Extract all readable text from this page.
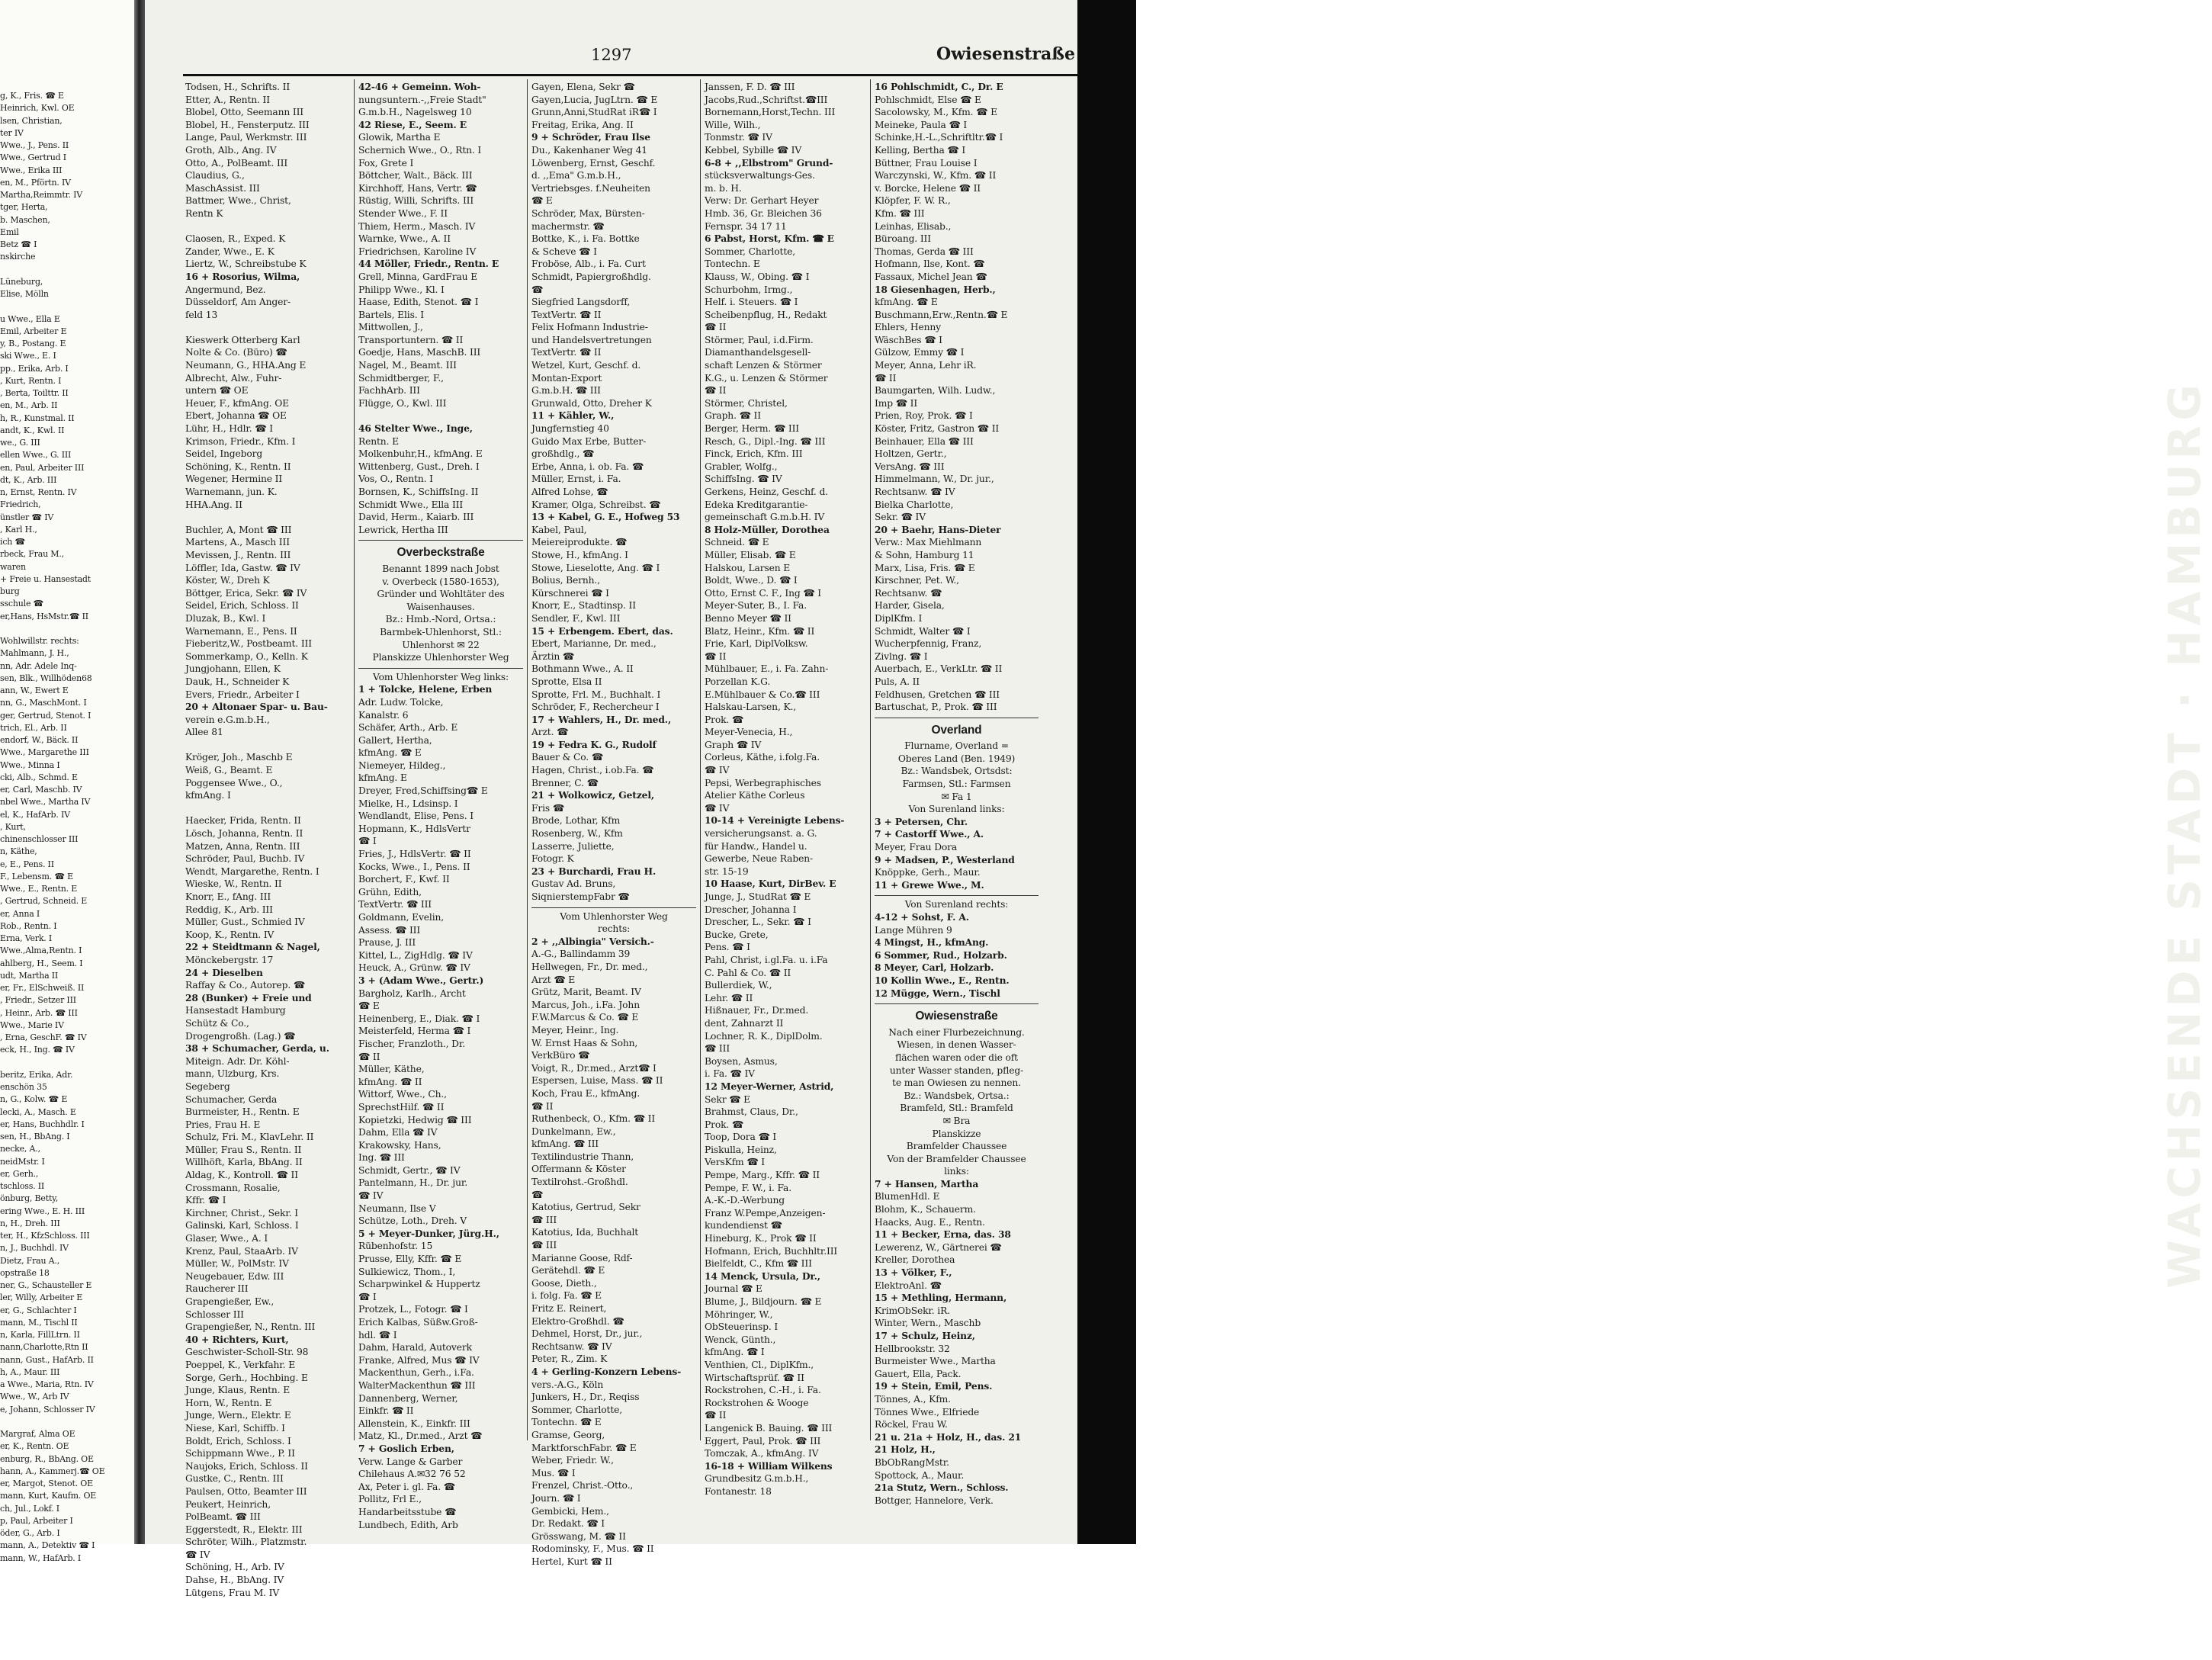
g, K., Fris. ☎ E
Heinrich, Kwl. OE
lsen, Christian,
ter IV
Wwe., J., Pens. II
Wwe., Gertrud I
Wwe., Erika III
en, M., Pförtn. IV
Martha,Reimmtr. IV
tger, Herta,
b. Maschen,
Emil
Betz ☎ I
nskirche

Lüneburg,
Elise, Mölln

u Wwe., Ella E
Emil, Arbeiter E
y, B., Postang. E
ski Wwe., E. I
pp., Erika, Arb. I
, Kurt, Rentn. I
, Berta, Toilttr. II
en, M., Arb. II
h, R., Kunstmal. II
andt, K., Kwl. II
we., G. III
ellen Wwe., G. III
en, Paul, Arbeiter III
dt, K., Arb. III
n, Ernst, Rentn. IV
Friedrich,
ünstler ☎ IV
, Karl H.,
ich ☎
rbeck, Frau M.,
waren
+ Freie u. Hansestadt
burg
sschule ☎
er,Hans, HsMstr.☎ II

Wohlwillstr. rechts:
Mahlmann, J. H.,
nn, Adr. Adele Inq-
sen, Blk., Willhöden68
ann, W., Ewert E
nn, G., MaschMont. I
ger, Gertrud, Stenot. I
trich, El., Arb. II
endorf, W., Bäck. II
Wwe., Margarethe III
Wwe., Minna I
cki, Alb., Schmd. E
er, Carl, Maschb. IV
nbel Wwe., Martha IV
el, K., HafArb. IV
, Kurt,
chinenschlosser III
n, Käthe,
e, E., Pens. II
F., Lebensm. ☎ E
Wwe., E., Rentn. E
, Gertrud, Schneid. E
er, Anna I
Rob., Rentn. I
Erna, Verk. I
Wwe.,Alma,Rentn. I
ahlberg, H., Seem. I
udt, Martha II
er, Fr., ElSchweiß. II
, Friedr., Setzer III
, Heinr., Arb. ☎ III
Wwe., Marie IV
, Erna, GeschF. ☎ IV
eck, H., Ing. ☎ IV

beritz, Erika, Adr.
enschön 35
n, G., Kolw. ☎ E
lecki, A., Masch. E
er, Hans, Buchhdlr. I
sen, H., BbAng. I
necke, A.,
neidMstr. I
er, Gerh.,
tschloss. II
önburg, Betty,
ering Wwe., E. H. III
n, H., Dreh. III
ter, H., KfzSchloss. III
n, J., Buchhdl. IV
Dietz, Frau A.,
opstraße 18
ner, G., Schausteller E
ler, Willy, Arbeiter E
er, G., Schlachter I
mann, M., Tischl II
n, Karla, FillLtrn. II
nann,Charlotte,Rtn II
nann, Gust., HafArb. II
h, A., Maur. III
a Wwe., Maria, Rtn. IV
Wwe., W., Arb IV
e, Johann, Schlosser IV

Margraf, Alma OE
er, K., Rentn. OE
enburg, R., BbAng. OE
hann, A., Kammerj.☎ OE
er, Margot, Stenot. OE
mann, Kurt, Kaufm. OE
ch, Jul., Lokf. I
p, Paul, Arbeiter I
öder, G., Arb. I
mann, A., Detektiv ☎ I
mann, W., HafArb. I
1297	Owiesenstraße
Todsen, H., Schrifts. II
Etter, A., Rentn. II
Blobel, Otto, Seemann III
Blobel, H., Fensterputz. III
Lange, Paul, Werkmstr. III
Groth, Alb., Ang. IV
Otto, A., PolBeamt. III
Claudius, G.,
MaschAssist. III
Battmer, Wwe., Christ,
Rentn K

Claosen, R., Exped. K
Zander, Wwe., E. K
Liertz, W., Schreibstube K
16 + Rosorius, Wilma,
Angermund, Bez.
Düsseldorf, Am Anger-
feld 13

Kieswerk Otterberg Karl
Nolte & Co. (Büro) ☎
Neumann, G., HHA.Ang E
Albrecht, Alw., Fuhr-
untern ☎ OE
Heuer, F., kfmAng. OE
Ebert, Johanna ☎ OE
Lühr, H., Hdlr. ☎ I
Krimson, Friedr., Kfm. I
Seidel, Ingeborg
Schöning, K., Rentn. II
Wegener, Hermine II
Warnemann, jun. K.
HHA.Ang. II

Buchler, A, Mont ☎ III
Martens, A., Masch III
Mevissen, J., Rentn. III
Löffler, Ida, Gastw. ☎ IV
Köster, W., Dreh K
Böttger, Erica, Sekr. ☎ IV
Seidel, Erich, Schloss. II
Dluzak, B., Kwl. I
Warnemann, E., Pens. II
Fieberitz,W., Postbeamt. III
Sommerkamp, O., Kelln. K
Jungjohann, Ellen, K
Dauk, H., Schneider K
Evers, Friedr., Arbeiter I
20 + Altonaer Spar- u. Bau-
verein e.G.m.b.H.,
Allee 81

Kröger, Joh., Maschb E
Weiß, G., Beamt. E
Poggensee Wwe., O.,
kfmAng. I

Haecker, Frida, Rentn. II
Lösch, Johanna, Rentn. II
Matzen, Anna, Rentn. III
Schröder, Paul, Buchb. IV
Wendt, Margarethe, Rentn. I
Wieske, W., Rentn. II
Knorr, E., fAng. III
Reddig, K., Arb. III
Müller, Gust., Schmied IV
Koop, K., Rentn. IV
22 + Steidtmann & Nagel,
Mönckebergstr. 17
24 + Dieselben
Raffay & Co., Autorep. ☎
28 (Bunker) + Freie und
Hansestadt Hamburg
Schütz & Co.,
Drogengroßh. (Lag.) ☎
38 + Schumacher, Gerda, u.
Miteign. Adr. Dr. Köhl-
mann, Ulzburg, Krs.
Segeberg
Schumacher, Gerda
Burmeister, H., Rentn. E
Pries, Frau H. E
Schulz, Fri. M., KlavLehr. II
Müller, Frau S., Rentn. II
Willhöft, Karla, BbAng. II
Aldag, K., Kontroll. ☎ II
Crossmann, Rosalie,
Kffr. ☎ I
Kirchner, Christ., Sekr. I
Galinski, Karl, Schloss. I
Glaser, Wwe., A. I
Krenz, Paul, StaaArb. IV
Müller, W., PolMstr. IV
Neugebauer, Edw. III
Raucherer III
Grapengießer, Ew.,
Schlosser III
Grapengießer, N., Rentn. III
40 + Richters, Kurt,
Geschwister-Scholl-Str. 98
Poeppel, K., Verkfahr. E
Sorge, Gerh., Hochbing. E
Junge, Klaus, Rentn. E
Horn, W., Rentn. E
Junge, Wern., Elektr. E
Niese, Karl, Schiffb. I
Boldt, Erich, Schloss. I
Schippmann Wwe., P. II
Naujoks, Erich, Schloss. II
Gustke, C., Rentn. III
Paulsen, Otto, Beamter III
Peukert, Heinrich,
PolBeamt. ☎ III
Eggerstedt, R., Elektr. III
Schröter, Wilh., Platzmstr.
☎ IV
Schöning, H., Arb. IV
Dahse, H., BbAng. IV
Lütgens, Frau M. IV
42-46 + Gemeinn. Woh-
nungsuntern.-,,Freie Stadt"
G.m.b.H., Nagelsweg 10
42 Riese, E., Seem. E
Glowik, Martha E
Schernich Wwe., O., Rtn. I
Fox, Grete I
Böttcher, Walt., Bäck. III
Kirchhoff, Hans, Vertr. ☎
Rüstig, Willi, Schrifts. III
Stender Wwe., F. II
Thiem, Herm., Masch. IV
Warnke, Wwe., A. II
Friedrichsen, Karoline IV
44 Möller, Friedr., Rentn. E
Grell, Minna, GardFrau E
Philipp Wwe., Kl. I
Haase, Edith, Stenot. ☎ I
Bartels, Elis. I
Mittwollen, J.,
Transportuntern. ☎ II
Goedje, Hans, MaschB. III
Nagel, M., Beamt. III
Schmidtberger, F.,
FachhArb. III
Flügge, O., Kwl. III

46 Stelter Wwe., Inge,
Rentn. E
Molkenbuhr,H., kfmAng. E
Wittenberg, Gust., Dreh. I
Vos, O., Rentn. I
Bornsen, K., SchiffsIng. II
Schmidt Wwe., Ella III
David, Herm., Kaiarb. III
Lewrick, Hertha III
Overbeckstraße
Benannt 1899 nach Jobst
v. Overbeck (1580-1653),
Gründer und Wohltäter des
Waisenhauses.
Bz.: Hmb.-Nord, Ortsa.:
Barmbek-Uhlenhorst, Stl.:
Uhlenhorst ✉ 22
Planskizze Uhlenhorster Weg
Vom Uhlenhorster Weg links:
1 + Tolcke, Helene, Erben
Adr. Ludw. Tolcke,
Kanalstr. 6
Schäfer, Arth., Arb. E
Gallert, Hertha,
kfmAng. ☎ E
Niemeyer, Hildeg.,
kfmAng. E
Dreyer, Fred,Schiffsing☎ E
Mielke, H., Ldsinsp. I
Wendlandt, Elise, Pens. I
Hopmann, K., HdlsVertr
☎ I
Fries, J., HdlsVertr. ☎ II
Kocks, Wwe., I., Pens. II
Borchert, F., Kwf. II
Grühn, Edith,
TextVertr. ☎ III
Goldmann, Evelin,
Assess. ☎ III
Prause, J. III
Kittel, L., ZigHdlg. ☎ IV
Heuck, A., Grünw. ☎ IV
3 + (Adam Wwe., Gertr.)
Bargholz, Karlh., Archt
☎ E
Heinenberg, E., Diak. ☎ I
Meisterfeld, Herma ☎ I
Fischer, Franzloth., Dr.
☎ II
Müller, Käthe,
kfmAng. ☎ II
Wittorf, Wwe., Ch.,
SprechstHilf. ☎ II
Kopietzki, Hedwig ☎ III
Dahm, Ella ☎ IV
Krakowsky, Hans,
Ing. ☎ III
Schmidt, Gertr., ☎ IV
Pantelmann, H., Dr. jur.
☎ IV
Neumann, Ilse V
Schütze, Loth., Dreh. V
5 + Meyer-Dunker, Jürg.H.,
Rübenhofstr. 15
Prusse, Elly, Kffr. ☎ E
Sulkiewicz, Thom., I,
Scharpwinkel & Huppertz
☎ I
Protzek, L., Fotogr. ☎ I
Erich Kalbas, Süßw.Groß-
hdl. ☎ I
Dahm, Harald, Autoverk
Franke, Alfred, Mus ☎ IV
Mackenthun, Gerh., i.Fa.
WalterMackenthun ☎ III
Dannenberg, Werner,
Einkfr. ☎ II
Allenstein, K., Einkfr. III
Matz, Kl., Dr.med., Arzt ☎
7 + Goslich Erben,
Verw. Lange & Garber
Chilehaus A.✉32 76 52
Ax, Peter i. gl. Fa. ☎
Pollitz, Frl E.,
Handarbeitsstube ☎
Lundbech, Edith, Arb
Gayen, Elena, Sekr ☎
Gayen,Lucia, JugLtrn. ☎ E
Grunn,Anni,StudRat iR☎ I
Freitag, Erika, Ang. II
9 + Schröder, Frau Ilse
Du., Kakenhaner Weg 41
Löwenberg, Ernst, Geschf.
d. ,,Ema" G.m.b.H.,
Vertriebsges. f.Neuheiten
☎ E
Schröder, Max, Bürsten-
machermstr. ☎
Bottke, K., i. Fa. Bottke
& Scheve ☎ I
Froböse, Alb., i. Fa. Curt
Schmidt, Papiergroßhdlg.
☎
Siegfried Langsdorff,
TextVertr. ☎ II
Felix Hofmann Industrie-
und Handelsvertretungen
TextVertr. ☎ II
Wetzel, Kurt, Geschf. d.
Montan-Export
G.m.b.H. ☎ III
Grunwald, Otto, Dreher K
11 + Kähler, W.,
Jungfernstieg 40
Guido Max Erbe, Butter-
großhdlg., ☎
Erbe, Anna, i. ob. Fa. ☎
Müller, Ernst, i. Fa.
Alfred Lohse, ☎
Kramer, Olga, Schreibst. ☎
13 + Kabel, G. E., Hofweg 53
Kabel, Paul,
Meiereiprodukte. ☎
Stowe, H., kfmAng. I
Stowe, Lieselotte, Ang. ☎ I
Bolius, Bernh.,
Kürschnerei ☎ I
Knorr, E., Stadtinsp. II
Sendler, F., Kwl. III
15 + Erbengem. Ebert, das.
Ebert, Marianne, Dr. med.,
Ärztin ☎
Bothmann Wwe., A. II
Sprotte, Elsa II
Sprotte, Frl. M., Buchhalt. I
Schröder, F., Rechercheur I
17 + Wahlers, H., Dr. med.,
Arzt. ☎
19 + Fedra K. G., Rudolf
Bauer & Co. ☎
Hagen, Christ., i.ob.Fa. ☎
Brenner, C. ☎
21 + Wolkowicz, Getzel,
Fris ☎
Brode, Lothar, Kfm
Rosenberg, W., Kfm
Lasserre, Juliette,
Fotogr. K
23 + Burchardi, Frau H.
Gustav Ad. Bruns,
SiqnierstempFabr ☎
Vom Uhlenhorster Weg
rechts:
2 + ,,Albingia" Versich.-
A.-G., Ballindamm 39
Hellwegen, Fr., Dr. med.,
Arzt ☎ E
Grütz, Marit, Beamt. IV
Marcus, Joh., i.Fa. John
F.W.Marcus & Co. ☎ E
Meyer, Heinr., Ing.
W. Ernst Haas & Sohn,
VerkBüro ☎
Voigt, R., Dr.med., Arzt☎ I
Espersen, Luise, Mass. ☎ II
Koch, Frau E., kfmAng.
☎ II
Ruthenbeck, O., Kfm. ☎ II
Dunkelmann, Ew.,
kfmAng. ☎ III
Textilindustrie Thann,
Offermann & Köster
Textilrohst.-Großhdl.
☎
Katotius, Gertrud, Sekr
☎ III
Katotius, Ida, Buchhalt
☎ III
Marianne Goose, Rdf-
Gerätehdl. ☎ E
Goose, Dieth.,
i. folg. Fa. ☎ E
Fritz E. Reinert,
Elektro-Großhdl. ☎
Dehmel, Horst, Dr., jur.,
Rechtsanw. ☎ IV
Peter, R., Zim. K
4 + Gerling-Konzern Lebens-
vers.-A.G., Köln
Junkers, H., Dr., Reqiss
Sommer, Charlotte,
Tontechn. ☎ E
Gramse, Georg,
MarktforschFabr. ☎ E
Weber, Friedr. W.,
Mus. ☎ I
Frenzel, Christ.-Otto.,
Journ. ☎ I
Gembicki, Hem.,
Dr. Redakt. ☎ I
Grösswang, M. ☎ II
Rodominsky, F., Mus. ☎ II
Hertel, Kurt ☎ II
Janssen, F. D. ☎ III
Jacobs,Rud.,Schriftst.☎III
Bornemann,Horst,Techn. III
Wille, Wilh.,
Tonmstr. ☎ IV
Kebbel, Sybille ☎ IV
6-8 + ,,Elbstrom" Grund-
stücksverwaltungs-Ges.
m. b. H.
Verw: Dr. Gerhart Heyer
Hmb. 36, Gr. Bleichen 36
Fernspr. 34 17 11
6 Pabst, Horst, Kfm. ☎ E
Sommer, Charlotte,
Tontechn. E
Klauss, W., Obing. ☎ I
Schurbohm, Irmg.,
Helf. i. Steuers. ☎ I
Scheibenpflug, H., Redakt
☎ II
Störmer, Paul, i.d.Firm.
Diamanthandelsgesell-
schaft Lenzen & Störmer
K.G., u. Lenzen & Störmer
☎ II
Störmer, Christel,
Graph. ☎ II
Berger, Herm. ☎ III
Resch, G., Dipl.-Ing. ☎ III
Finck, Erich, Kfm. III
Grabler, Wolfg.,
SchiffsIng. ☎ IV
Gerkens, Heinz, Geschf. d.
Edeka Kreditgarantie-
gemeinschaft G.m.b.H. IV
8 Holz-Müller, Dorothea
Schneid. ☎ E
Müller, Elisab. ☎ E
Halskou, Larsen E
Boldt, Wwe., D. ☎ I
Otto, Ernst C. F., Ing ☎ I
Meyer-Suter, B., I. Fa.
Benno Meyer ☎ II
Blatz, Heinr., Kfm. ☎ II
Frie, Karl, DiplVolksw.
☎ II
Mühlbauer, E., i. Fa. Zahn-
Porzellan K.G.
E.Mühlbauer & Co.☎ III
Halskau-Larsen, K.,
Prok. ☎
Meyer-Venecia, H.,
Graph ☎ IV
Corleus, Käthe, i.folg.Fa.
☎ IV
Pepsi, Werbegraphisches
Atelier Käthe Corleus
☎ IV
10-14 + Vereinigte Lebens-
versicherungsanst. a. G.
für Handw., Handel u.
Gewerbe, Neue Raben-
str. 15-19
10 Haase, Kurt, DirBev. E
Junge, J., StudRat ☎ E
Drescher, Johanna I
Drescher, L., Sekr. ☎ I
Bucke, Grete,
Pens. ☎ I
Pahl, Christ, i.gl.Fa. u. i.Fa
C. Pahl & Co. ☎ II
Bullerdiek, W.,
Lehr. ☎ II
Hißnauer, Fr., Dr.med.
dent, Zahnarzt II
Lochner, R. K., DiplDolm.
☎ III
Boysen, Asmus,
i. Fa. ☎ IV
12 Meyer-Werner, Astrid,
Sekr ☎ E
Brahmst, Claus, Dr.,
Prok. ☎
Toop, Dora ☎ I
Piskulla, Heinz,
VersKfm ☎ I
Pempe, Marg., Kffr. ☎ II
Pempe, F. W., i. Fa.
A.-K.-D.-Werbung
Franz W.Pempe,Anzeigen-
kundendienst ☎
Hineburg, K., Prok ☎ II
Hofmann, Erich, Buchhltr.III
Bielfeldt, C., Kfm ☎ III
14 Menck, Ursula, Dr.,
Journal ☎ E
Blume, J., Bildjourn. ☎ E
Möhringer, W.,
ObSteuerinsp. I
Wenck, Günth.,
kfmAng. ☎ I
Venthien, Cl., DiplKfm.,
Wirtschaftsprüf. ☎ II
Rockstrohen, C.-H., i. Fa.
Rockstrohen & Wooge
☎ II
Langenick B. Bauing. ☎ III
Eggert, Paul, Prok. ☎ III
Tomczak, A., kfmAng. IV
16-18 + William Wilkens
Grundbesitz G.m.b.H.,
Fontanestr. 18
16 Pohlschmidt, C., Dr. E
Pohlschmidt, Else ☎ E
Sacolowsky, M., Kfm. ☎ E
Meineke, Paula ☎ I
Schinke,H.-L.,Schriftltr.☎ I
Kelling, Bertha ☎ I
Büttner, Frau Louise I
Warczynski, W., Kfm. ☎ II
v. Borcke, Helene ☎ II
Klöpfer, F. W. R.,
Kfm. ☎ III
Leinhas, Elisab.,
Büroang. III
Thomas, Gerda ☎ III
Hofmann, Ilse, Kont. ☎
Fassaux, Michel Jean ☎
18 Giesenhagen, Herb.,
kfmAng. ☎ E
Buschmann,Erw.,Rentn.☎ E
Ehlers, Henny
WäschBes ☎ I
Gülzow, Emmy ☎ I
Meyer, Anna, Lehr iR.
☎ II
Baumgarten, Wilh. Ludw.,
Imp ☎ II
Prien, Roy, Prok. ☎ I
Köster, Fritz, Gastron ☎ II
Beinhauer, Ella ☎ III
Holtzen, Gertr.,
VersAng. ☎ III
Himmelmann, W., Dr. jur.,
Rechtsanw. ☎ IV
Bielka Charlotte,
Sekr. ☎ IV
20 + Baehr, Hans-Dieter
Verw.: Max Miehlmann
& Sohn, Hamburg 11
Marx, Lisa, Fris. ☎ E
Kirschner, Pet. W.,
Rechtsanw. ☎
Harder, Gisela,
DiplKfm. I
Schmidt, Walter ☎ I
Wucherpfennig, Franz,
Zivlng. ☎ I
Auerbach, E., VerkLtr. ☎ II
Puls, A. II
Feldhusen, Gretchen ☎ III
Bartuschat, P., Prok. ☎ III
Overland
Flurname, Overland =
Oberes Land (Ben. 1949)
Bz.: Wandsbek, Ortsdst:
Farmsen, Stl.: Farmsen
✉ Fa 1
Von Surenland links:
3 + Petersen, Chr.
7 + Castorff Wwe., A.
Meyer, Frau Dora
9 + Madsen, P., Westerland
Knöppke, Gerh., Maur.
11 + Grewe Wwe., M.
Von Surenland rechts:
4-12 + Sohst, F. A.
Lange Mühren 9
4 Mingst, H., kfmAng.
6 Sommer, Rud., Holzarb.
8 Meyer, Carl, Holzarb.
10 Kollin Wwe., E., Rentn.
12 Mügge, Wern., Tischl
Owiesenstraße
Nach einer Flurbezeichnung.
Wiesen, in denen Wasser-
flächen waren oder die oft
unter Wasser standen, pfleg-
te man Owiesen zu nennen.
Bz.: Wandsbek, Ortsa.:
Bramfeld, Stl.: Bramfeld
✉ Bra
Planskizze
Bramfelder Chaussee
Von der Bramfelder Chaussee
links:
7 + Hansen, Martha
BlumenHdl. E
Blohm, K., Schauerm.
Haacks, Aug. E., Rentn.
11 + Becker, Erna, das. 38
Lewerenz, W., Gärtnerei ☎
Kreller, Dorothea
13 + Völker, F.,
ElektroAnl. ☎
15 + Methling, Hermann,
KrimObSekr. iR.
Winter, Wern., Maschb
17 + Schulz, Heinz,
Hellbrookstr. 32
Burmeister Wwe., Martha
Gauert, Ella, Pack.
19 + Stein, Emil, Pens.
Tönnes, A., Kfm.
Tönnes Wwe., Elfriede
Röckel, Frau W.
21 u. 21a + Holz, H., das. 21
21 Holz, H.,
BbObRangMstr.
Spottock, A., Maur.
21a Stutz, Wern., Schloss.
Bottger, Hannelore, Verk.
WACHSENDE STADT · HAMBURG
